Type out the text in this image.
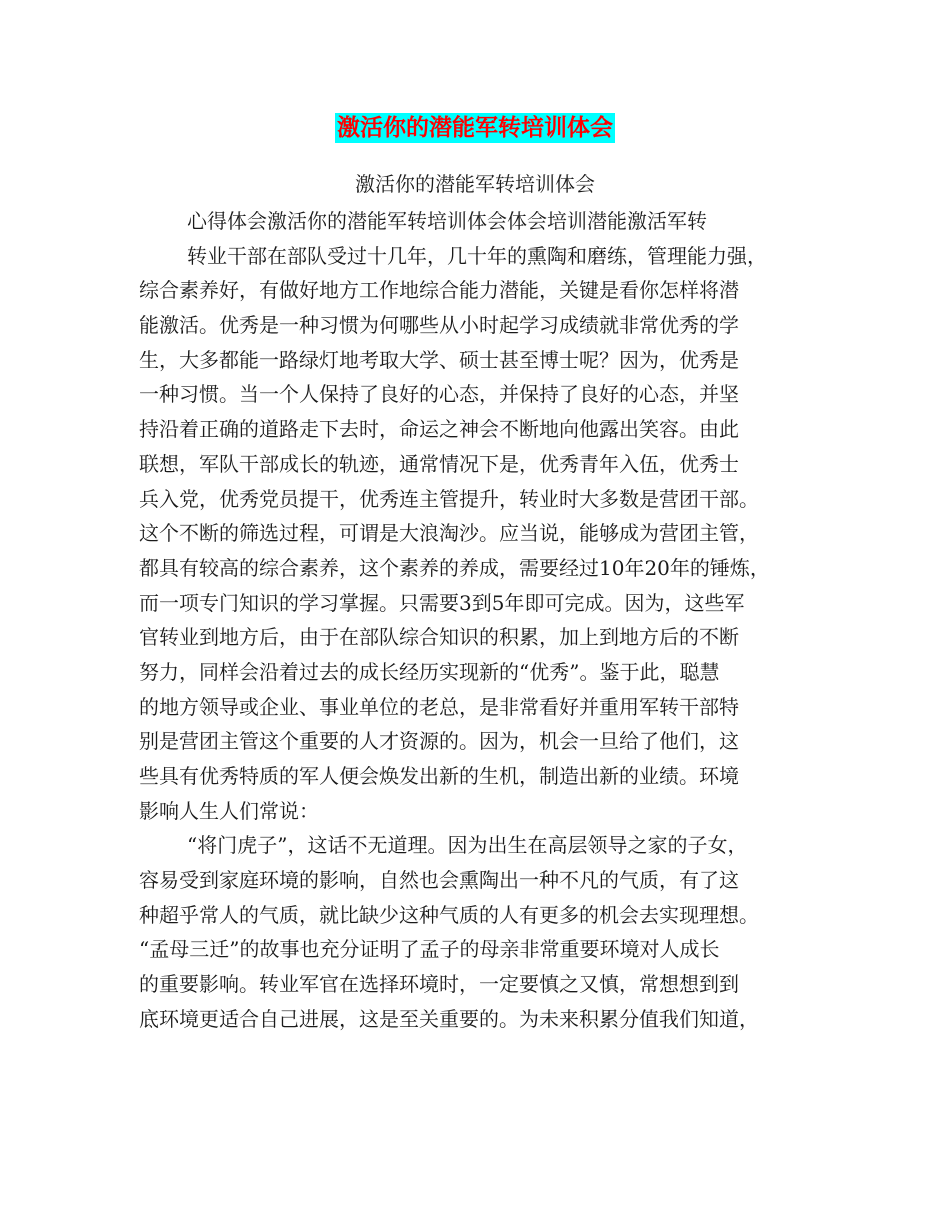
激活你的潜能军转培训体会
激活你的潜能军转培训体会
心得体会激活你的潜能军转培训体会体会培训潜能激活军转
转业干部在部队受过十几年，几十年的熏陶和磨练，管理能力强，
综合素养好，有做好地方工作地综合能力潜能，关键是看你怎样将潜
能激活。优秀是一种习惯为何哪些从小时起学习成绩就非常优秀的学
生，大多都能一路绿灯地考取大学、硕士甚至博士呢？因为，优秀是
一种习惯。当一个人保持了良好的心态，并保持了良好的心态，并坚
持沿着正确的道路走下去时，命运之神会不断地向他露出笑容。由此
联想，军队干部成长的轨迹，通常情况下是，优秀青年入伍，优秀士
兵入党，优秀党员提干，优秀连主管提升，转业时大多数是营团干部。
这个不断的筛选过程，可谓是大浪淘沙。应当说，能够成为营团主管，
都具有较高的综合素养，这个素养的养成，需要经过10年20年的锤炼，
而一项专门知识的学习掌握。只需要3到5年即可完成。因为，这些军
官转业到地方后，由于在部队综合知识的积累，加上到地方后的不断
努力，同样会沿着过去的成长经历实现新的“优秀”。鉴于此，聪慧
的地方领导或企业、事业单位的老总，是非常看好并重用军转干部特
别是营团主管这个重要的人才资源的。因为，机会一旦给了他们，这
些具有优秀特质的军人便会焕发出新的生机，制造出新的业绩。环境
影响人生人们常说：
“将门虎子”，这话不无道理。因为出生在高层领导之家的子女，
容易受到家庭环境的影响，自然也会熏陶出一种不凡的气质，有了这
种超乎常人的气质，就比缺少这种气质的人有更多的机会去实现理想。
“孟母三迁”的故事也充分证明了孟子的母亲非常重要环境对人成长
的重要影响。转业军官在选择环境时，一定要慎之又慎，常想想到到
底环境更适合自己进展，这是至关重要的。为未来积累分值我们知道，
